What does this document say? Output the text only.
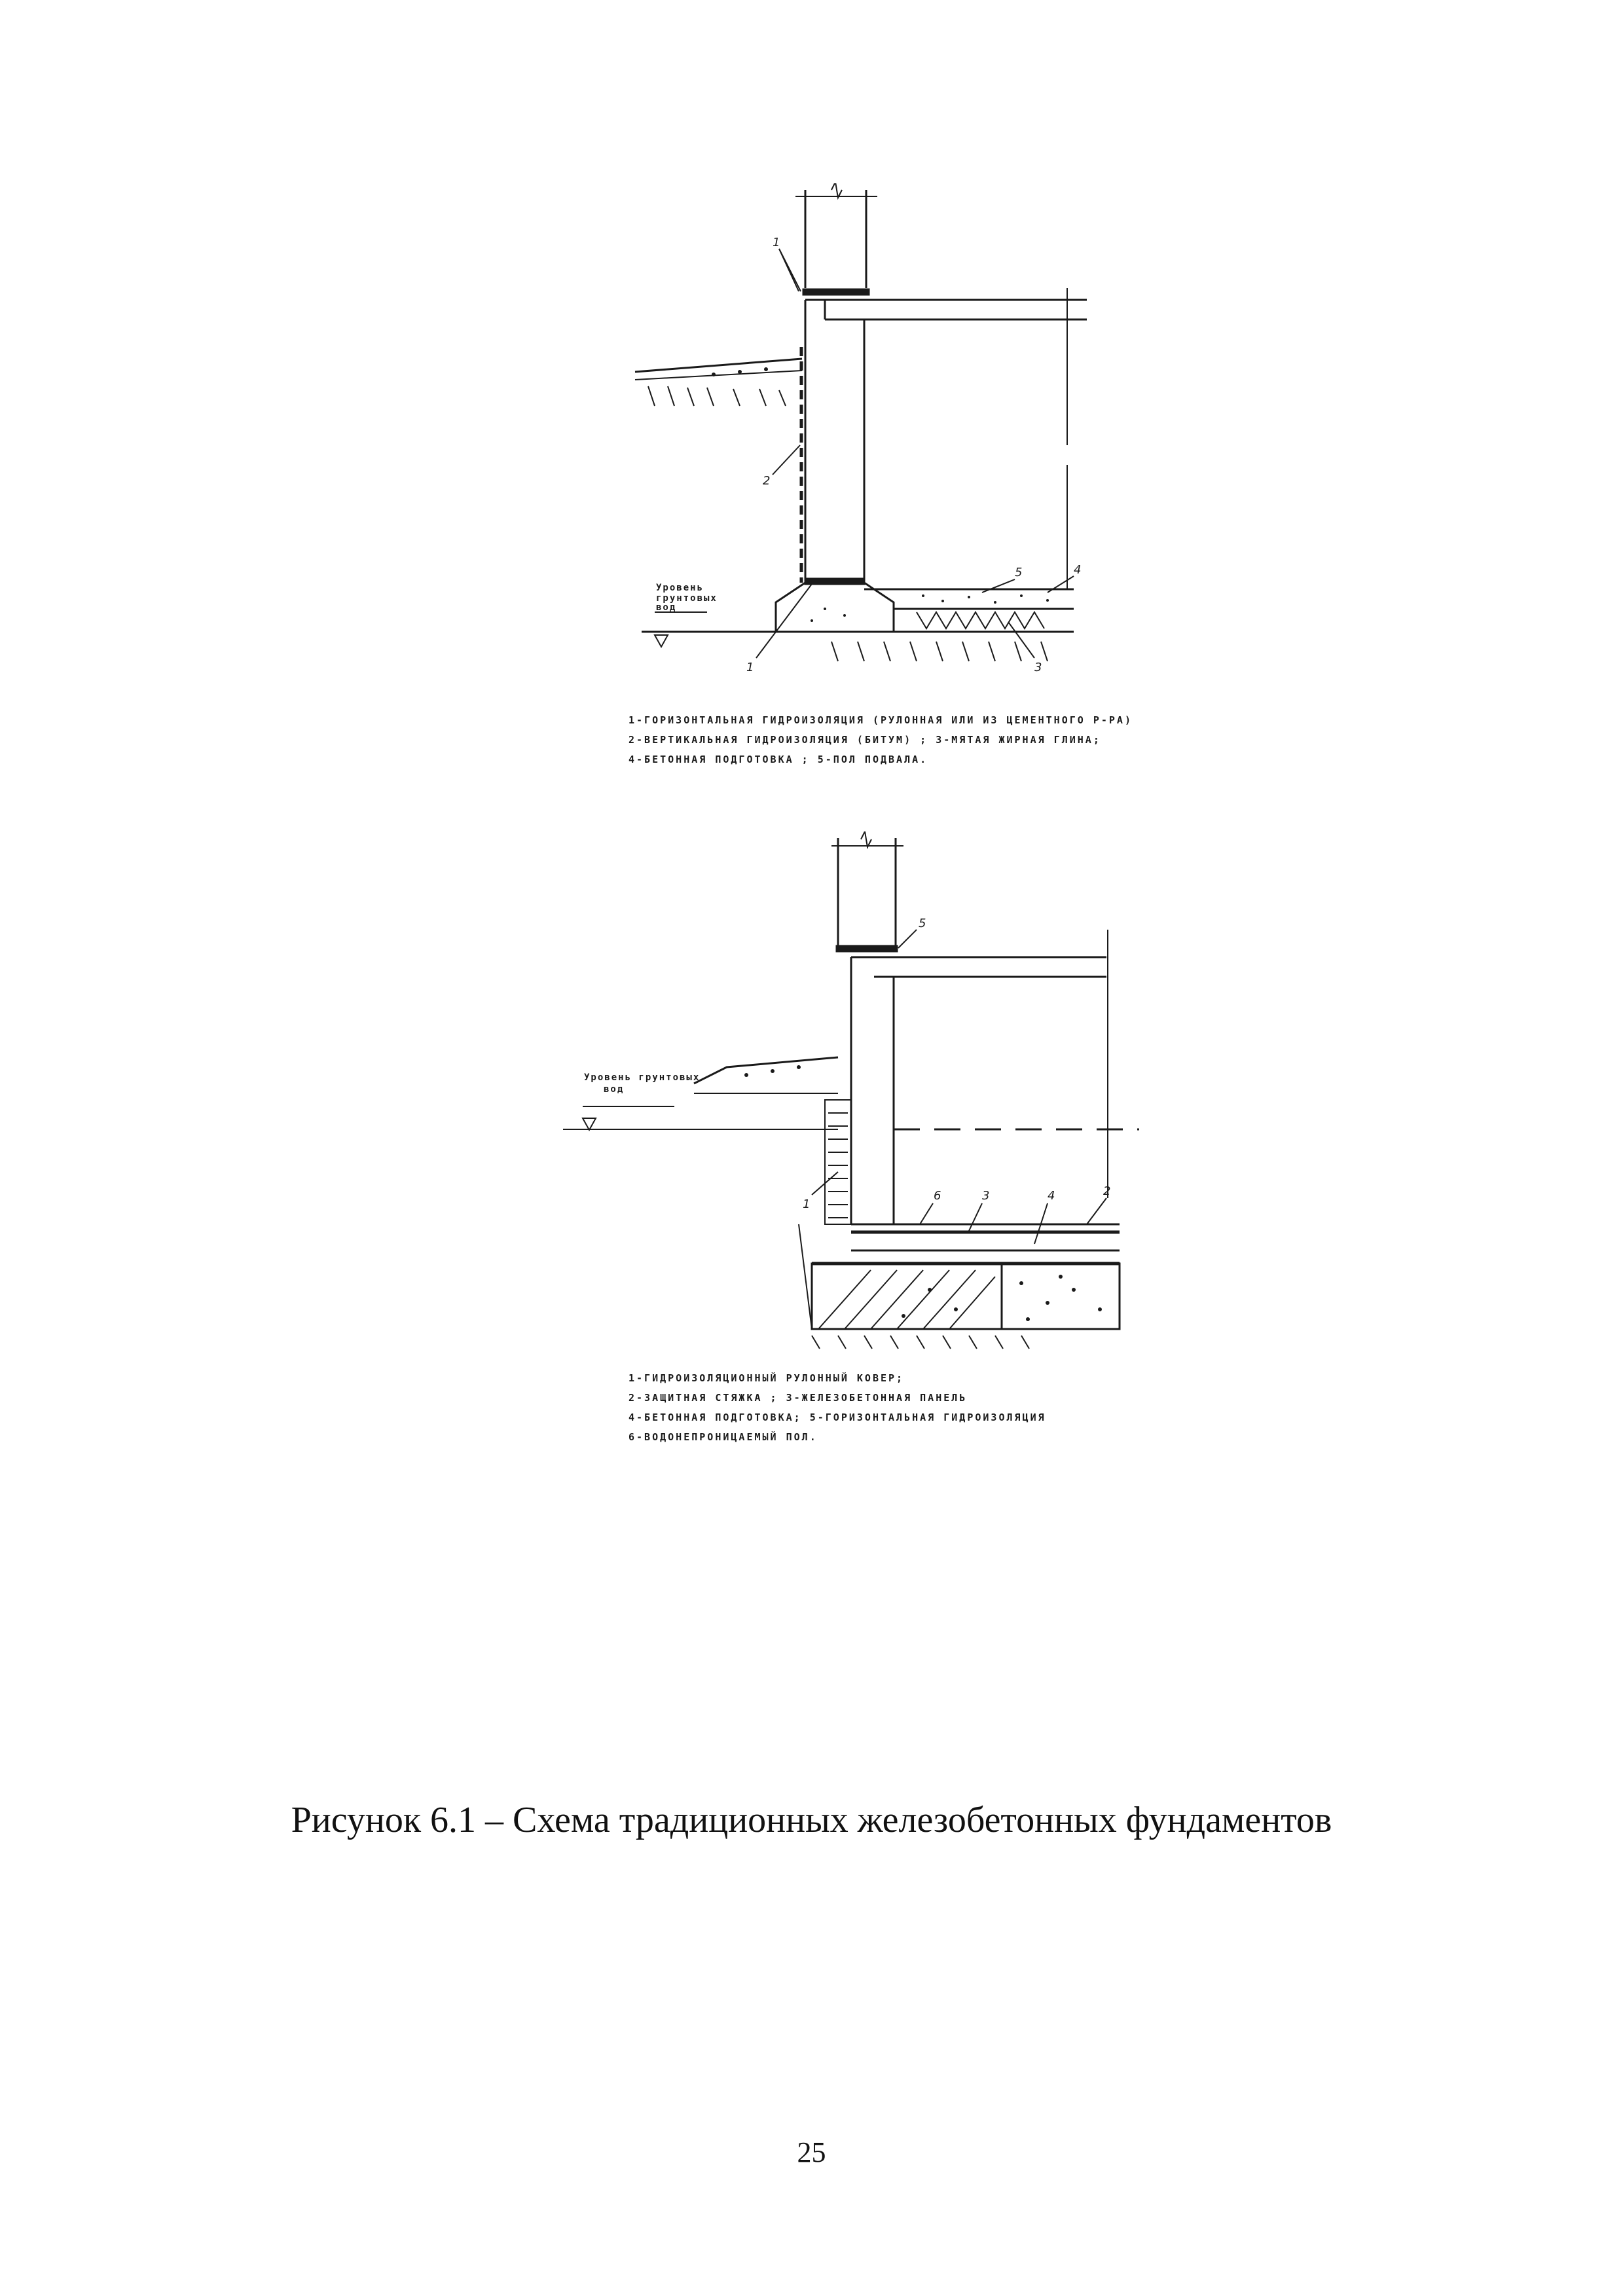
1
2
1	3
4
5
Уровень
грунтовых
вод
1-ГОРИЗОНТАЛЬНАЯ ГИДРОИЗОЛЯЦИЯ (РУЛОННАЯ ИЛИ ИЗ ЦЕМЕНТНОГО Р-РА)
2-ВЕРТИКАЛЬНАЯ ГИДРОИЗОЛЯЦИЯ (БИТУМ) ; 3-МЯТАЯ ЖИРНАЯ ГЛИНА;
4-БЕТОННАЯ ПОДГОТОВКА ; 5-ПОЛ ПОДВАЛА.
5
1
2
3	4
6
Уровень грунтовых
вод
1-ГИДРОИЗОЛЯЦИОННЫЙ РУЛОННЫЙ КОВЕР;
2-ЗАЩИТНАЯ СТЯЖКА ; 3-ЖЕЛЕЗОБЕТОННАЯ ПАНЕЛЬ
4-БЕТОННАЯ ПОДГОТОВКА; 5-ГОРИЗОНТАЛЬНАЯ ГИДРОИЗОЛЯЦИЯ
6-ВОДОНЕПРОНИЦАЕМЫЙ ПОЛ.
Рисунок 6.1 – Схема традиционных железобетонных фундаментов
25
